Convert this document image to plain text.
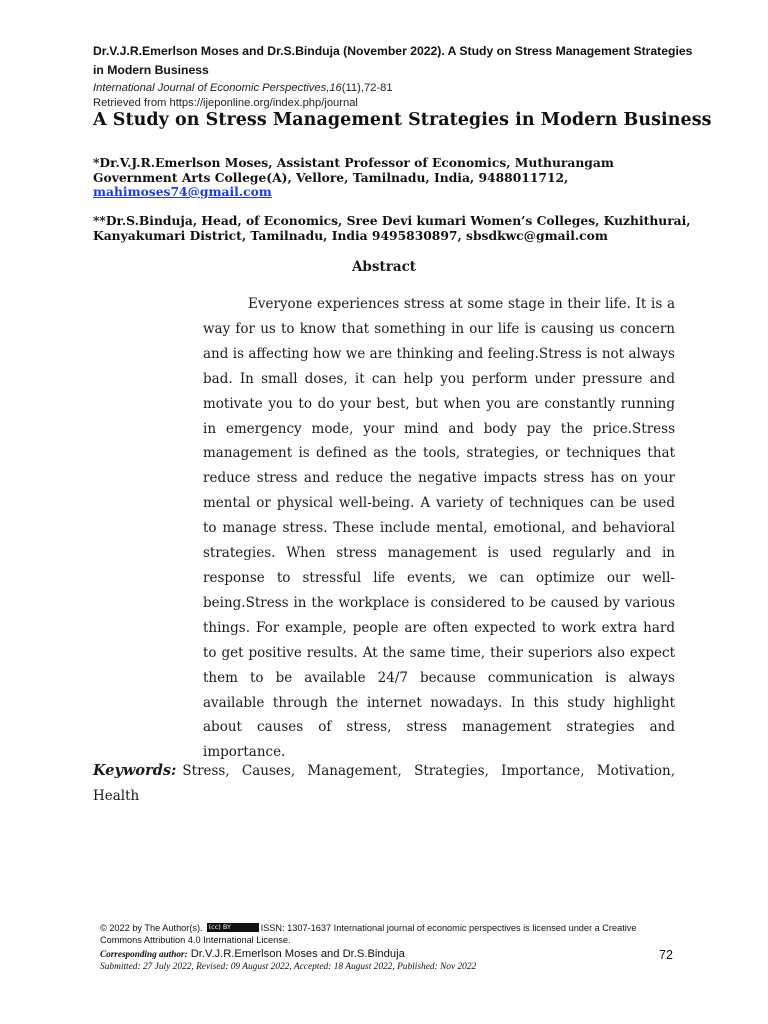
Dr.V.J.R.Emerlson Moses and Dr.S.Binduja (November 2022). A Study on Stress Management Strategies in Modern Business
International Journal of Economic Perspectives,16(11),72-81
Retrieved from https://ijeponline.org/index.php/journal
A Study on Stress Management Strategies in Modern Business
*Dr.V.J.R.Emerlson Moses, Assistant Professor of Economics, Muthurangam Government Arts College(A), Vellore, Tamilnadu, India, 9488011712,
mahimoses74@gmail.com
**Dr.S.Binduja, Head, of Economics, Sree Devi kumari Women’s Colleges, Kuzhithurai, Kanyakumari District, Tamilnadu, India 9495830897, sbsdkwc@gmail.com
Abstract

Everyone experiences stress at some stage in their life. It is a way for us to know that something in our life is causing us concern and is affecting how we are thinking and feeling.Stress is not always bad. In small doses, it can help you perform under pressure and motivate you to do your best, but when you are constantly running in emergency mode, your mind and body pay the price.Stress management is defined as the tools, strategies, or techniques that reduce stress and reduce the negative impacts stress has on your mental or physical well-being. A variety of techniques can be used to manage stress. These include mental, emotional, and behavioral strategies. When stress management is used regularly and in response to stressful life events, we can optimize our well-being.Stress in the workplace is considered to be caused by various things. For example, people are often expected to work extra hard to get positive results. At the same time, their superiors also expect them to be available 24/7 because communication is always available through the internet nowadays. In this study highlight about causes of stress, stress management strategies and importance.

Keywords: Stress, Causes, Management, Strategies, Importance, Motivation, Health

© 2022 by The Author(s). (cc) BY	ISSN: 1307-1637 International journal of economic perspectives is licensed under a Creative Commons Attribution 4.0 International License.
Corresponding author: Dr.V.J.R.Emerlson Moses and Dr.S.Binduja
Submitted: 27 July 2022, Revised: 09 August 2022, Accepted: 18 August 2022, Published: Nov 2022
72
